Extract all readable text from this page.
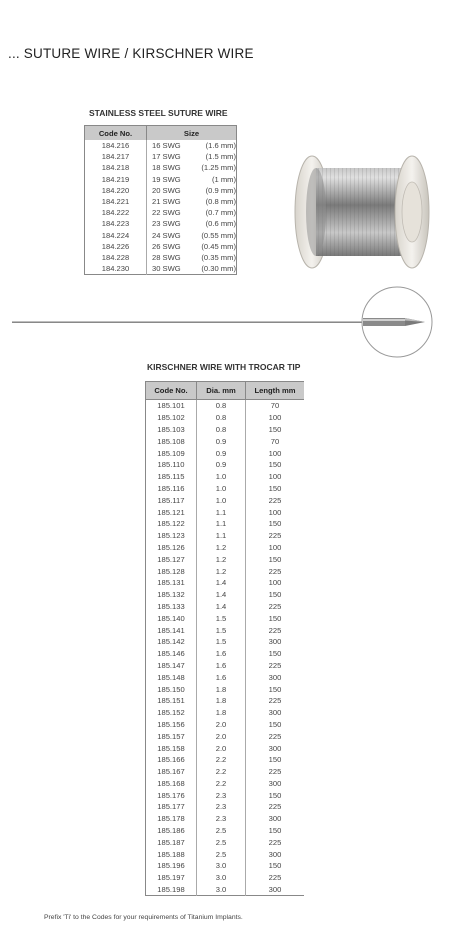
... SUTURE WIRE / KIRSCHNER WIRE
STAINLESS STEEL SUTURE WIRE
Code No.	Size
184.216	16 SWG (1.6 mm)
184.217	17 SWG (1.5 mm)
184.218	18 SWG (1.25 mm)
184.219	19 SWG (1 mm)
184.220	20 SWG (0.9 mm)
184.221	21 SWG (0.8 mm)
184.222	22 SWG (0.7 mm)
184.223	23 SWG (0.6 mm)
184.224	24 SWG (0.55 mm)
184.226	26 SWG (0.45 mm)
184.228	28 SWG (0.35 mm)
184.230	30 SWG (0.30 mm)
KIRSCHNER WIRE WITH TROCAR TIP
Code No.	Dia. mm	Length mm
185.101	0.8	70
185.102	0.8	100
185.103	0.8	150
185.108	0.9	70
185.109	0.9	100
185.110	0.9	150
185.115	1.0	100
185.116	1.0	150
185.117	1.0	225
185.121	1.1	100
185.122	1.1	150
185.123	1.1	225
185.126	1.2	100
185.127	1.2	150
185.128	1.2	225
185.131	1.4	100
185.132	1.4	150
185.133	1.4	225
185.140	1.5	150
185.141	1.5	225
185.142	1.5	300
185.146	1.6	150
185.147	1.6	225
185.148	1.6	300
185.150	1.8	150
185.151	1.8	225
185.152	1.8	300
185.156	2.0	150
185.157	2.0	225
185.158	2.0	300
185.166	2.2	150
185.167	2.2	225
185.168	2.2	300
185.176	2.3	150
185.177	2.3	225
185.178	2.3	300
185.186	2.5	150
185.187	2.5	225
185.188	2.5	300
185.196	3.0	150
185.197	3.0	225
185.198	3.0	300
Prefix 'Ti' to the Codes for your requirements of Titanium Implants.
